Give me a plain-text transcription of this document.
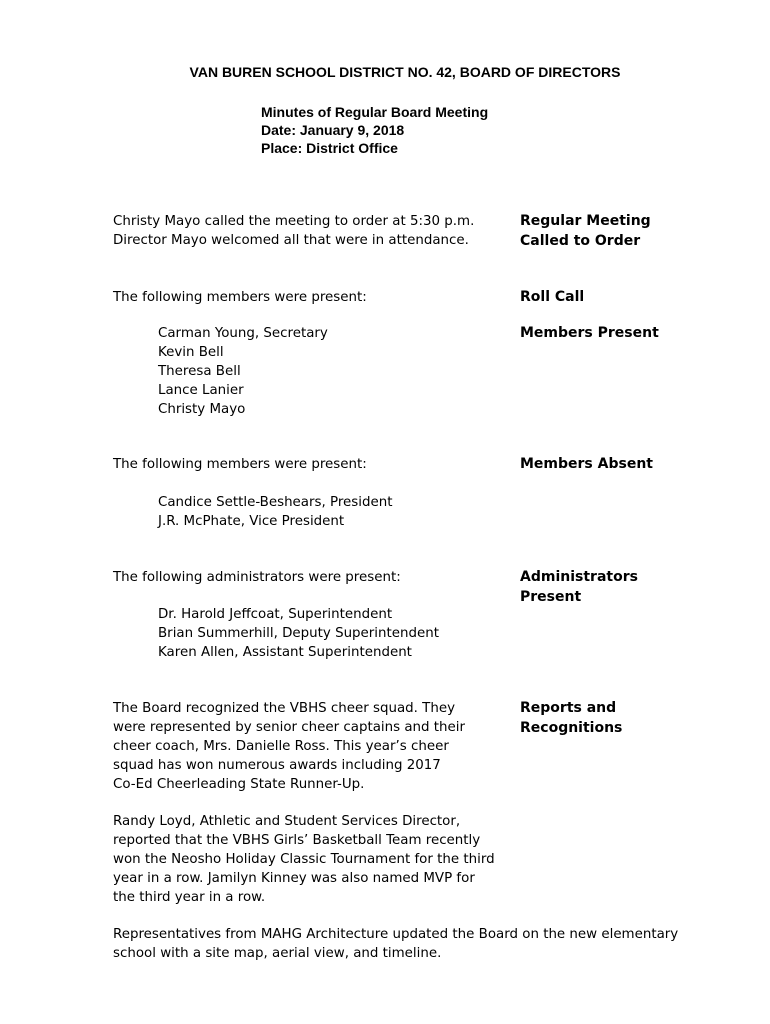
VAN BUREN SCHOOL DISTRICT NO. 42, BOARD OF DIRECTORS
Minutes of Regular Board Meeting
Date: January 9, 2018
Place: District Office
Christy Mayo called the meeting to order at 5:30 p.m.
Director Mayo welcomed all that were in attendance.
Regular Meeting
Called to Order
The following members were present:	Roll Call
Carman Young, Secretary
Kevin Bell
Theresa Bell
Lance Lanier
Christy Mayo
Members Present
The following members were present:	Members Absent
Candice Settle-Beshears, President
J.R. McPhate, Vice President
The following administrators were present:	Administrators
Present
Dr. Harold Jeffcoat, Superintendent
Brian Summerhill, Deputy Superintendent
Karen Allen, Assistant Superintendent
The Board recognized the VBHS cheer squad. They
were represented by senior cheer captains and their
cheer coach, Mrs. Danielle Ross. This year’s cheer
squad has won numerous awards including 2017
Co-Ed Cheerleading State Runner-Up.
Reports and
Recognitions
Randy Loyd, Athletic and Student Services Director,
reported that the VBHS Girls’ Basketball Team recently
won the Neosho Holiday Classic Tournament for the third
year in a row. Jamilyn Kinney was also named MVP for
the third year in a row.
Representatives from MAHG Architecture updated the Board on the new elementary
school with a site map, aerial view, and timeline.
